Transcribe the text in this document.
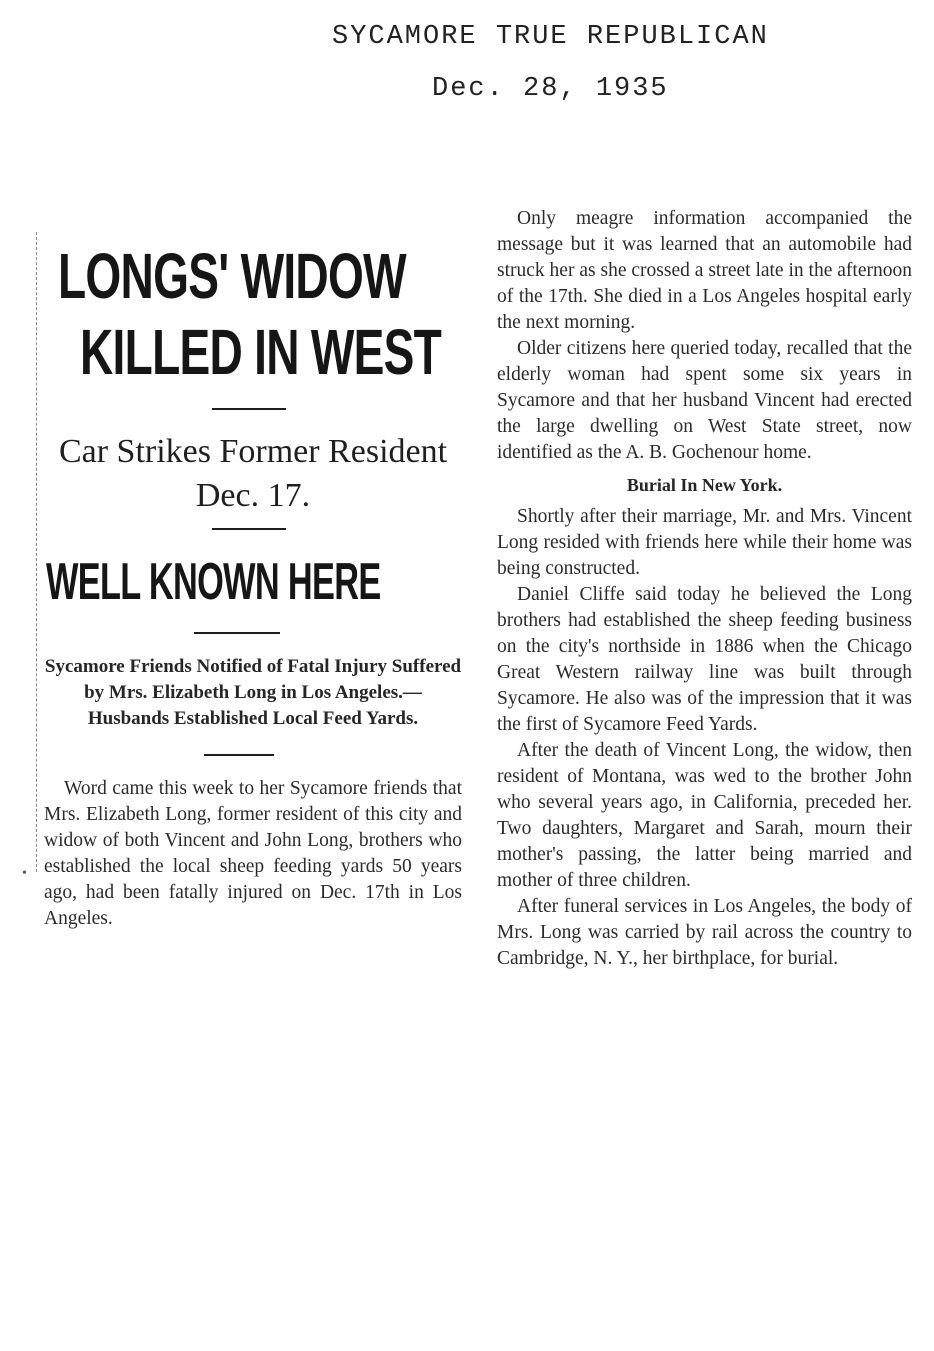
SYCAMORE TRUE REPUBLICAN
Dec. 28, 1935
•
LONGS' WIDOW
KILLED IN WEST
Car Strikes Former Resident Dec. 17.
WELL KNOWN HERE
Sycamore Friends Notified of Fatal Injury Suffered by Mrs. Elizabeth Long in Los Angeles.— Husbands Established Local Feed Yards.

Word came this week to her Sycamore friends that Mrs. Elizabeth Long, former resident of this city and widow of both Vincent and John Long, brothers who established the local sheep feeding yards 50 years ago, had been fatally injured on Dec. 17th in Los Angeles.

Only meagre information accompanied the message but it was learned that an automobile had struck her as she crossed a street late in the afternoon of the 17th. She died in a Los Angeles hospital early the next morning.

Older citizens here queried today, recalled that the elderly woman had spent some six years in Sycamore and that her husband Vincent had erected the large dwelling on West State street, now identified as the A. B. Gochenour home.

Burial In New York.

Shortly after their marriage, Mr. and Mrs. Vincent Long resided with friends here while their home was being constructed.

Daniel Cliffe said today he believed the Long brothers had established the sheep feeding business on the city's northside in 1886 when the Chicago Great Western railway line was built through Sycamore. He also was of the impression that it was the first of Sycamore Feed Yards.

After the death of Vincent Long, the widow, then resident of Montana, was wed to the brother John who several years ago, in California, preceded her. Two daughters, Margaret and Sarah, mourn their mother's passing, the latter being married and mother of three children.

After funeral services in Los Angeles, the body of Mrs. Long was carried by rail across the country to Cambridge, N. Y., her birthplace, for burial.
